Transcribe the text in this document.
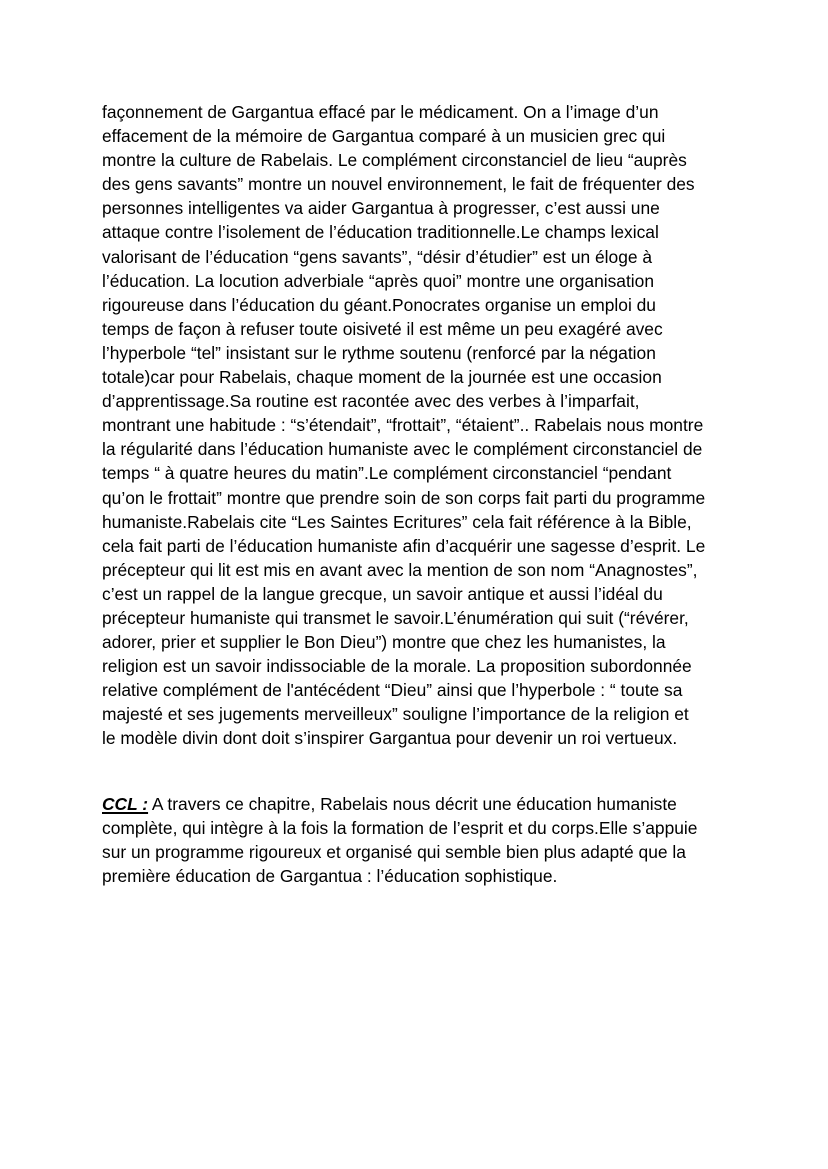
façonnement de Gargantua effacé par le médicament. On a l’image d’un
effacement de la mémoire de Gargantua comparé à un musicien grec qui
montre la culture de Rabelais. Le complément circonstanciel de lieu “auprès
des gens savants” montre un nouvel environnement, le fait de fréquenter des
personnes intelligentes va aider Gargantua à progresser, c’est aussi une
attaque contre l’isolement de l’éducation traditionnelle.Le champs lexical
valorisant de l’éducation “gens savants”, “désir d’étudier” est un éloge à
l’éducation. La locution adverbiale “après quoi” montre une organisation
rigoureuse dans l’éducation du géant.Ponocrates organise un emploi du
temps de façon à refuser toute oisiveté il est même un peu exagéré avec
l’hyperbole “tel” insistant sur le rythme soutenu (renforcé par la négation
totale)car pour Rabelais, chaque moment de la journée est une occasion
d’apprentissage.Sa routine est racontée avec des verbes à l’imparfait,
montrant une habitude : “s’étendait”, “frottait”, “étaient”.. Rabelais nous montre
la régularité dans l’éducation humaniste avec le complément circonstanciel de
temps “ à quatre heures du matin”.Le complément circonstanciel “pendant
qu’on le frottait” montre que prendre soin de son corps fait parti du programme
humaniste.Rabelais cite “Les Saintes Ecritures” cela fait référence à la Bible,
cela fait parti de l’éducation humaniste afin d’acquérir une sagesse d’esprit. Le
précepteur qui lit est mis en avant avec la mention de son nom “Anagnostes”,
c’est un rappel de la langue grecque, un savoir antique et aussi l’idéal du
précepteur humaniste qui transmet le savoir.L’énumération qui suit (“révérer,
adorer, prier et supplier le Bon Dieu”) montre que chez les humanistes, la
religion est un savoir indissociable de la morale. La proposition subordonnée
relative complément de l'antécédent “Dieu” ainsi que l’hyperbole : “ toute sa
majesté et ses jugements merveilleux” souligne l’importance de la religion et
le modèle divin dont doit s’inspirer Gargantua pour devenir un roi vertueux.
CCL : A travers ce chapitre, Rabelais nous décrit une éducation humaniste
complète, qui intègre à la fois la formation de l’esprit et du corps.Elle s’appuie
sur un programme rigoureux et organisé qui semble bien plus adapté que la
première éducation de Gargantua : l’éducation sophistique.
